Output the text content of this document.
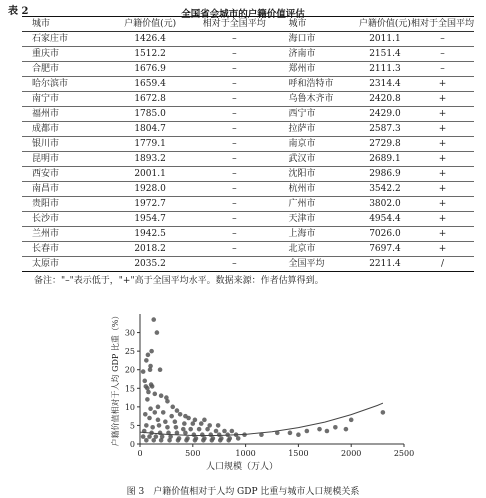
表 2	全国省会城市的户籍价值评估
城市	户籍价值(元)	相对于全国平均	城市	户籍价值(元)	相对于全国平均
石家庄市	1426.4	–	海口市	2011.1	–
重庆市	1512.2	–	济南市	2151.4	–
合肥市	1676.9	–	郑州市	2111.3	–
哈尔滨市	1659.4	–	呼和浩特市	2314.4	+
南宁市	1672.8	–	乌鲁木齐市	2420.8	+
福州市	1785.0	–	西宁市	2429.0	+
成都市	1804.7	–	拉萨市	2587.3	+
银川市	1779.1	–	南京市	2729.8	+
昆明市	1893.2	–	武汉市	2689.1	+
西安市	2001.1	–	沈阳市	2986.9	+
南昌市	1928.0	–	杭州市	3542.2	+
贵阳市	1972.7	–	广州市	3802.0	+
长沙市	1954.7	–	天津市	4954.4	+
兰州市	1942.5	–	上海市	7026.0	+
长春市	2018.2	–	北京市	7697.4	+
太原市	2035.2	–	全国平均	2211.4	/
备注："–"表示低于，"+"高于全国平均水平。数据来源：作者估算得到。
0	500	1000	1500	2000	2500
0
5
10
15
20
25
30
人口规模（万人）
户籍价值相对于人均 GDP 比重（%）
图 3　户籍价值相对于人均 GDP 比重与城市人口规模关系
